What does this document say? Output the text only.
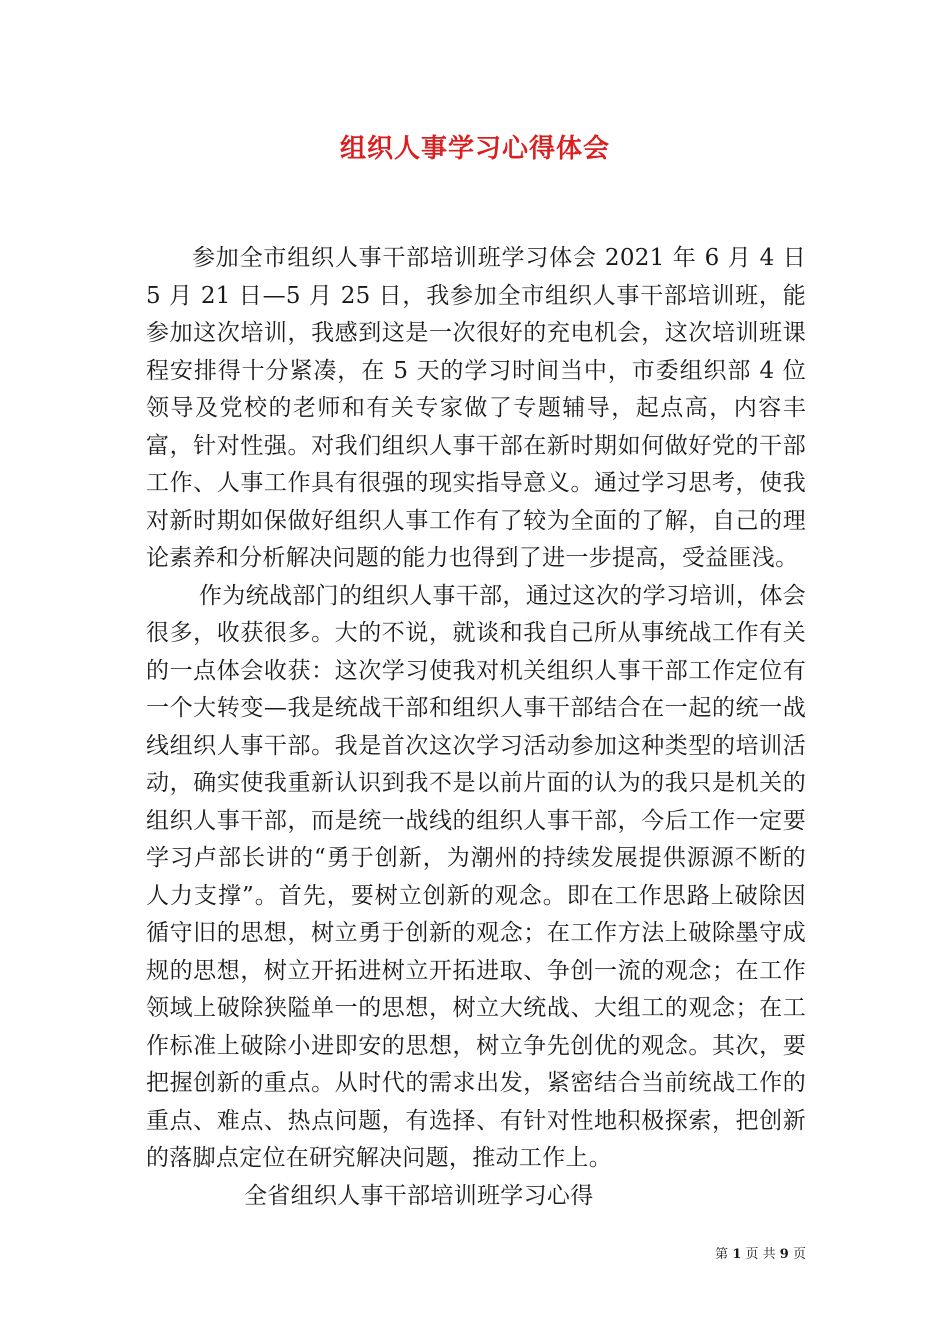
组织人事学习心得体会

参加全市组织人事干部培训班学习体会 2021 年 6 月 4 日 5 月 21 日—5 月 25 日，我参加全市组织人事干部培训班，能参加这次培训，我感到这是一次很好的充电机会，这次培训班课程安排得十分紧凑，在 5 天的学习时间当中，市委组织部 4 位领导及党校的老师和有关专家做了专题辅导，起点高，内容丰富，针对性强。对我们组织人事干部在新时期如何做好党的干部工作、人事工作具有很强的现实指导意义。通过学习思考，使我对新时期如保做好组织人事工作有了较为全面的了解，自己的理论素养和分析解决问题的能力也得到了进一步提高，受益匪浅。

作为统战部门的组织人事干部，通过这次的学习培训，体会很多，收获很多。大的不说，就谈和我自己所从事统战工作有关的一点体会收获：这次学习使我对机关组织人事干部工作定位有一个大转变—我是统战干部和组织人事干部结合在一起的统一战线组织人事干部。我是首次这次学习活动参加这种类型的培训活动，确实使我重新认识到我不是以前片面的认为的我只是机关的组织人事干部，而是统一战线的组织人事干部，今后工作一定要学习卢部长讲的“勇于创新，为潮州的持续发展提供源源不断的人力支撑”。首先，要树立创新的观念。即在工作思路上破除因循守旧的思想，树立勇于创新的观念；在工作方法上破除墨守成规的思想，树立开拓进树立开拓进取、争创一流的观念；在工作领域上破除狭隘单一的思想，树立大统战、大组工的观念；在工作标准上破除小进即安的思想，树立争先创优的观念。其次，要把握创新的重点。从时代的需求出发，紧密结合当前统战工作的重点、难点、热点问题，有选择、有针对性地积极探索，把创新的落脚点定位在研究解决问题，推动工作上。

全省组织人事干部培训班学习心得

第 1 页 共 9 页
